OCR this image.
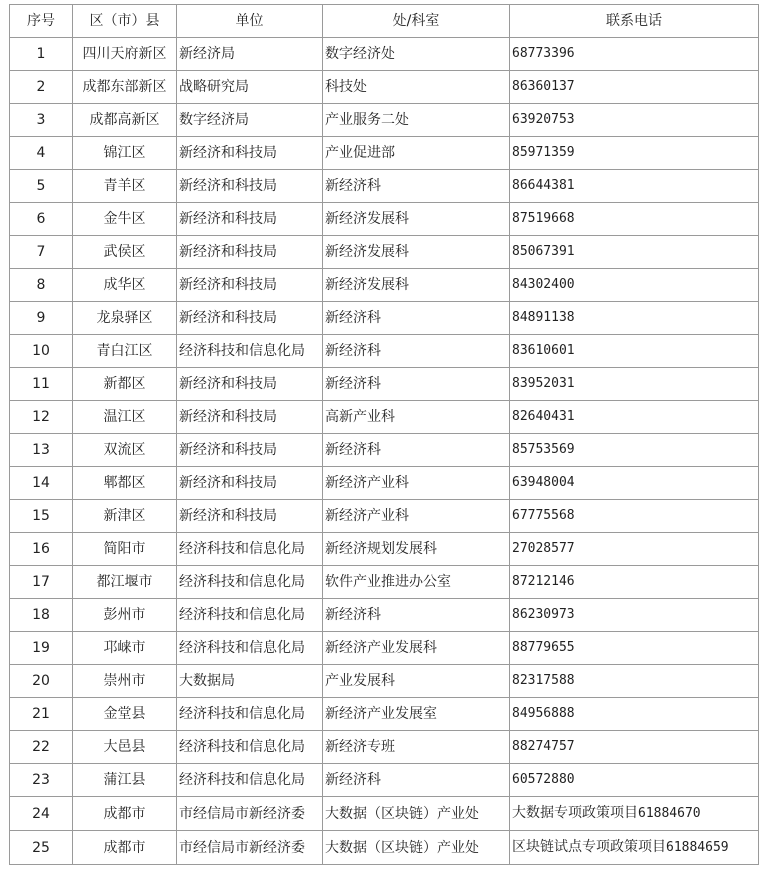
序号	区（市）县	单位	处/科室	联系电话
1	四川天府新区	新经济局	数字经济处	68773396
2	成都东部新区	战略研究局	科技处	86360137
3	成都高新区	数字经济局	产业服务二处	63920753
4	锦江区	新经济和科技局	产业促进部	85971359
5	青羊区	新经济和科技局	新经济科	86644381
6	金牛区	新经济和科技局	新经济发展科	87519668
7	武侯区	新经济和科技局	新经济发展科	85067391
8	成华区	新经济和科技局	新经济发展科	84302400
9	龙泉驿区	新经济和科技局	新经济科	84891138
10	青白江区	经济科技和信息化局	新经济科	83610601
11	新都区	新经济和科技局	新经济科	83952031
12	温江区	新经济和科技局	高新产业科	82640431
13	双流区	新经济和科技局	新经济科	85753569
14	郫都区	新经济和科技局	新经济产业科	63948004
15	新津区	新经济和科技局	新经济产业科	67775568
16	简阳市	经济科技和信息化局	新经济规划发展科	27028577
17	都江堰市	经济科技和信息化局	软件产业推进办公室	87212146
18	彭州市	经济科技和信息化局	新经济科	86230973
19	邛崃市	经济科技和信息化局	新经济产业发展科	88779655
20	崇州市	大数据局	产业发展科	82317588
21	金堂县	经济科技和信息化局	新经济产业发展室	84956888
22	大邑县	经济科技和信息化局	新经济专班	88274757
23	蒲江县	经济科技和信息化局	新经济科	60572880
24	成都市	市经信局市新经济委	大数据（区块链）产业处	大数据专项政策项目61884670
25	成都市	市经信局市新经济委	大数据（区块链）产业处	区块链试点专项政策项目61884659
